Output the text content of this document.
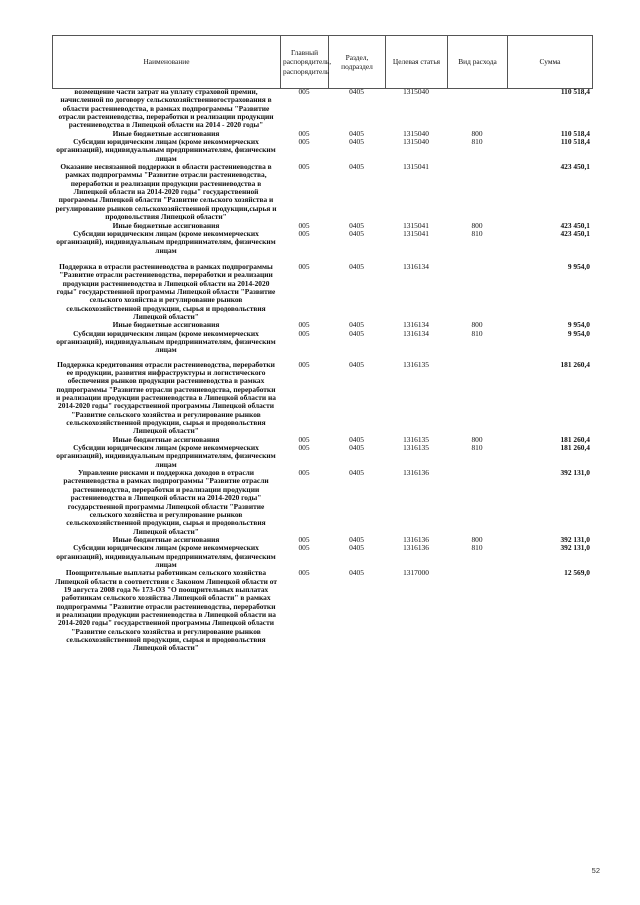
Наименование	Главный распорядитель, распорядитель	Раздел, подраздел	Целевая статья	Вид расхода	Сумма
возмещение части затрат на уплату страховой премии, начисленной по договору сельскохозяйственногострахования в области растениеводства, в рамках подпрограммы "Развитие отрасли растениеводства, переработки и реализации продукции растениеводства в Липецкой области на 2014 - 2020 годы"	005	0405	1315040		110 518,4
Иные бюджетные ассигнования	005	0405	1315040	800	110 518,4
Субсидии юридическим лицам (кроме некоммерческих организаций), индивидуальным предпринимателям, физическим лицам	005	0405	1315040	810	110 518,4
Оказание несвязанной поддержки в области растениеводства в рамках подпрограммы "Развитие отрасли растениеводства, переработки и реализации продукции растениеводства в Липецкой области на 2014-2020 годы" государственной программы Липецкой области "Развитие сельского хозяйства и регулирование рынков сельскохозяйственной продукции,сырья и продовольствия Липецкой области"	005	0405	1315041		423 450,1
Иные бюджетные ассигнования	005	0405	1315041	800	423 450,1
Субсидии юридическим лицам (кроме некоммерческих организаций), индивидуальным предпринимателям, физическим лицам	005	0405	1315041	810	423 450,1

Поддержка в отрасли растениеводства в рамках подпрограммы "Развитие отрасли растениеводства, переработки и реализации продукции растениеводства в Липецкой области на 2014-2020 годы" государственной программы Липецкой области "Развитие сельского хозяйства и регулирование рынков сельскохозяйственной продукции, сырья и продовольствия Липецкой области"	005	0405	1316134		9 954,0
Иные бюджетные ассигнования	005	0405	1316134	800	9 954,0
Субсидии юридическим лицам (кроме некоммерческих организаций), индивидуальным предпринимателям, физическим лицам	005	0405	1316134	810	9 954,0

Поддержка кредитования отрасли растениеводства, переработки ее продукции, развития инфраструктуры и логистического обеспечения рынков продукции растениеводства в рамках подпрограммы "Развитие отрасли растениеводства, переработки и реализации продукции растениеводства в Липецкой области на 2014-2020 годы" государственной программы Липецкой области "Развитие сельского хозяйства и регулирование рынков сельскохозяйственной продукции, сырья и продовольствия Липецкой области"	005	0405	1316135		181 260,4
Иные бюджетные ассигнования	005	0405	1316135	800	181 260,4
Субсидии юридическим лицам (кроме некоммерческих организаций), индивидуальным предпринимателям, физическим лицам	005	0405	1316135	810	181 260,4
Управление рисками и поддержка доходов в отрасли растениеводства в рамках подпрограммы "Развитие отрасли растениеводства, переработки и реализации продукции растениеводства в Липецкой области на 2014-2020 годы" государственной программы Липецкой области "Развитие сельского хозяйства и регулирование рынков сельскохозяйственной продукции, сырья и продовольствия Липецкой области"	005	0405	1316136		392 131,0
Иные бюджетные ассигнования	005	0405	1316136	800	392 131,0
Субсидии юридическим лицам (кроме некоммерческих организаций), индивидуальным предпринимателям, физическим лицам	005	0405	1316136	810	392 131,0
Поощрительные выплаты работникам сельского хозяйства Липецкой области в соответствии с Законом Липецкой области от 19 августа 2008 года № 173-ОЗ "О поощрительных выплатах работникам сельского хозяйства Липецкой области" в рамках подпрограммы "Развитие отрасли растениеводства, переработки и реализации продукции растениеводства в Липецкой области на 2014-2020 годы" государственной программы Липецкой области "Развитие сельского хозяйства и регулирование рынков сельскохозяйственной продукции, сырья и продовольствия Липецкой области"	005	0405	1317000		12 569,0
52
